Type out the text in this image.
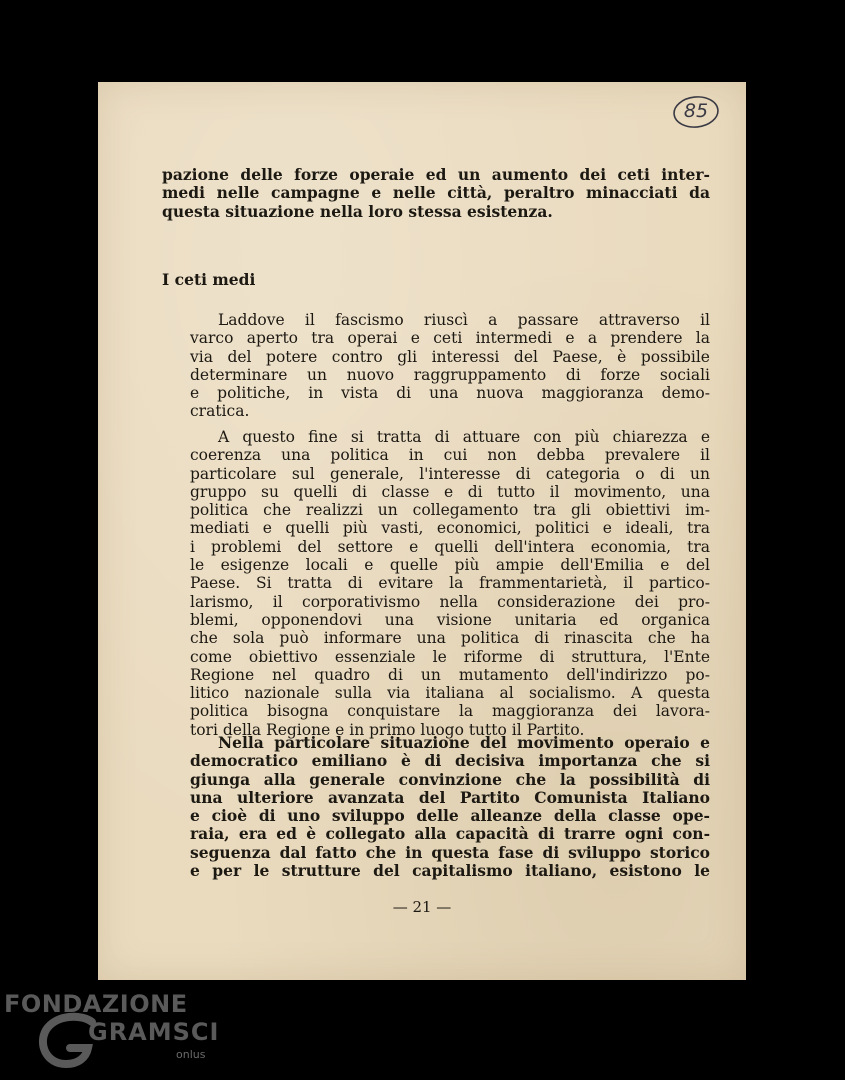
85
pazione delle forze operaie ed un aumento dei ceti inter-
medi nelle campagne e nelle città, peraltro minacciati da
questa situazione nella loro stessa esistenza.
I ceti medi
Laddove il fascismo riuscì a passare attraverso il
varco aperto tra operai e ceti intermedi e a prendere la
via del potere contro gli interessi del Paese, è possibile
determinare un nuovo raggruppamento di forze sociali
e politiche, in vista di una nuova maggioranza demo-
cratica.
A questo fine si tratta di attuare con più chiarezza e
coerenza una politica in cui non debba prevalere il
particolare sul generale, l'interesse di categoria o di un
gruppo su quelli di classe e di tutto il movimento, una
politica che realizzi un collegamento tra gli obiettivi im-
mediati e quelli più vasti, economici, politici e ideali, tra
i problemi del settore e quelli dell'intera economia, tra
le esigenze locali e quelle più ampie dell'Emilia e del
Paese. Si tratta di evitare la frammentarietà, il partico-
larismo, il corporativismo nella considerazione dei pro-
blemi, opponendovi una visione unitaria ed organica
che sola può informare una politica di rinascita che ha
come obiettivo essenziale le riforme di struttura, l'Ente
Regione nel quadro di un mutamento dell'indirizzo po-
litico nazionale sulla via italiana al socialismo. A questa
politica bisogna conquistare la maggioranza dei lavora-
tori della Regione e in primo luogo tutto il Partito.
Nella particolare situazione del movimento operaio e
democratico emiliano è di decisiva importanza che si
giunga alla generale convinzione che la possibilità di
una ulteriore avanzata del Partito Comunista Italiano
e cioè di uno sviluppo delle alleanze della classe ope-
raia, era ed è collegato alla capacità di trarre ogni con-
seguenza dal fatto che in questa fase di sviluppo storico
e per le strutture del capitalismo italiano, esistono le
— 21 —
FONDAZIONE
GRAMSCI
onlus
